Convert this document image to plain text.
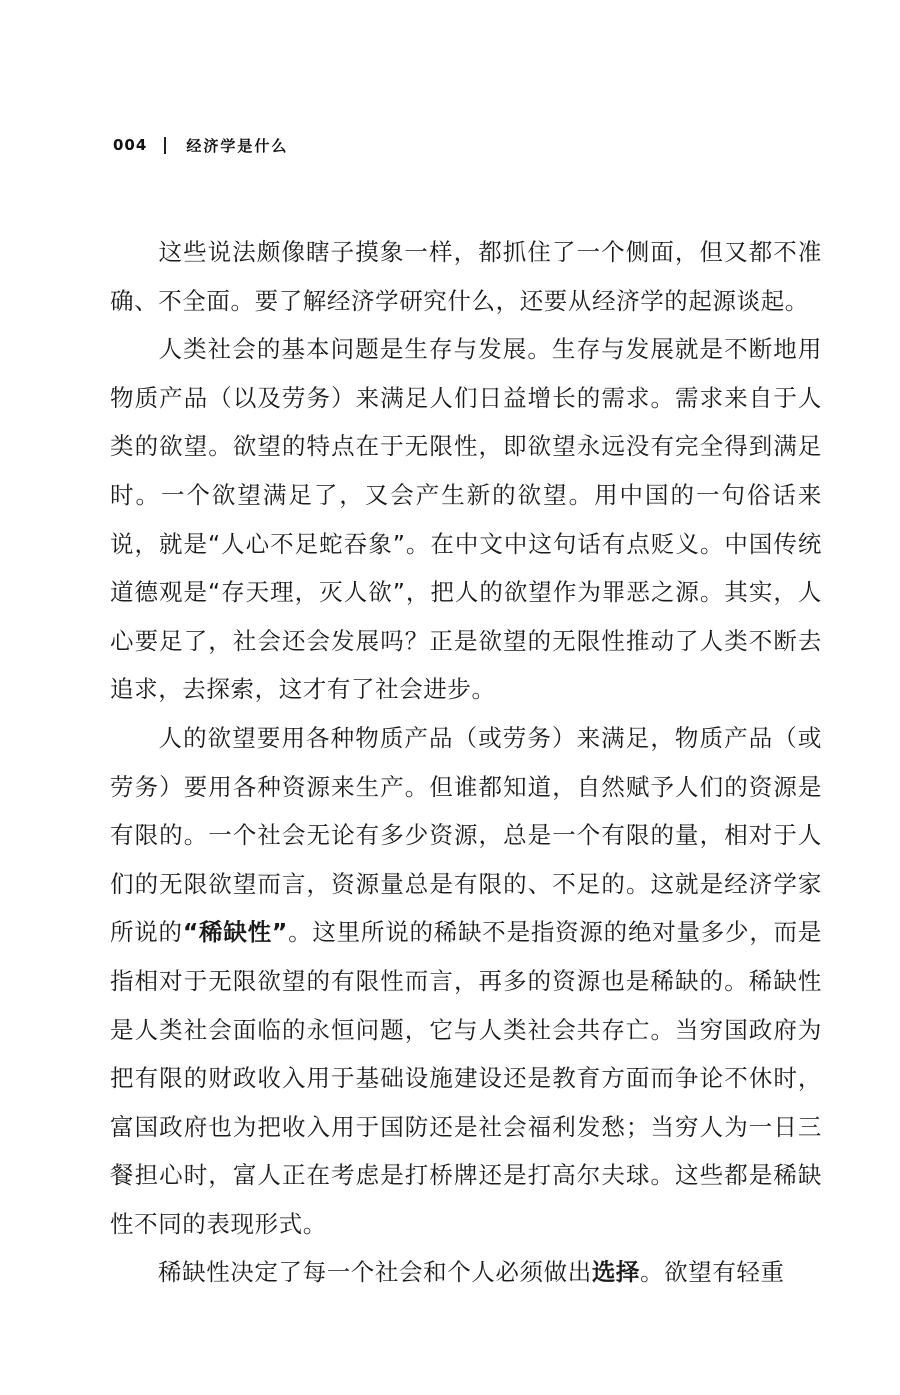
004	经济学是什么

这些说法颇像瞎子摸象一样，都抓住了一个侧面，但又都不准确、不全面。要了解经济学研究什么，还要从经济学的起源谈起。

人类社会的基本问题是生存与发展。生存与发展就是不断地用物质产品（以及劳务）来满足人们日益增长的需求。需求来自于人类的欲望。欲望的特点在于无限性，即欲望永远没有完全得到满足时。一个欲望满足了，又会产生新的欲望。用中国的一句俗话来说，就是“人心不足蛇吞象”。在中文中这句话有点贬义。中国传统道德观是“存天理，灭人欲”，把人的欲望作为罪恶之源。其实，人心要足了，社会还会发展吗？正是欲望的无限性推动了人类不断去追求，去探索，这才有了社会进步。

人的欲望要用各种物质产品（或劳务）来满足，物质产品（或劳务）要用各种资源来生产。但谁都知道，自然赋予人们的资源是有限的。一个社会无论有多少资源，总是一个有限的量，相对于人们的无限欲望而言，资源量总是有限的、不足的。这就是经济学家所说的“稀缺性”。这里所说的稀缺不是指资源的绝对量多少，而是指相对于无限欲望的有限性而言，再多的资源也是稀缺的。稀缺性是人类社会面临的永恒问题，它与人类社会共存亡。当穷国政府为把有限的财政收入用于基础设施建设还是教育方面而争论不休时，富国政府也为把收入用于国防还是社会福利发愁；当穷人为一日三餐担心时，富人正在考虑是打桥牌还是打高尔夫球。这些都是稀缺性不同的表现形式。

稀缺性决定了每一个社会和个人必须做出选择。欲望有轻重
